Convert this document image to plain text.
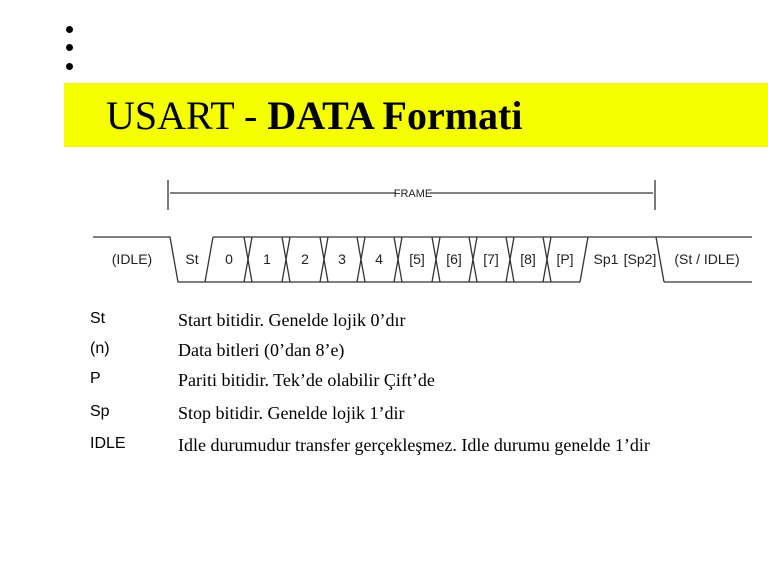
USART - DATA Formati
FRAME
(IDLE) St 0 1 2 3 4 [5] [6] [7] [8] [P] Sp1 [Sp2] (St / IDLE)
St	Start bitidir. Genelde lojik 0’dır
(n)	Data bitleri (0’dan 8’e)
P	Pariti bitidir. Tek’de olabilir Çift’de
Sp	Stop bitidir. Genelde lojik 1’dir
IDLE	Idle durumudur transfer gerçekleşmez. Idle durumu genelde 1’dir
